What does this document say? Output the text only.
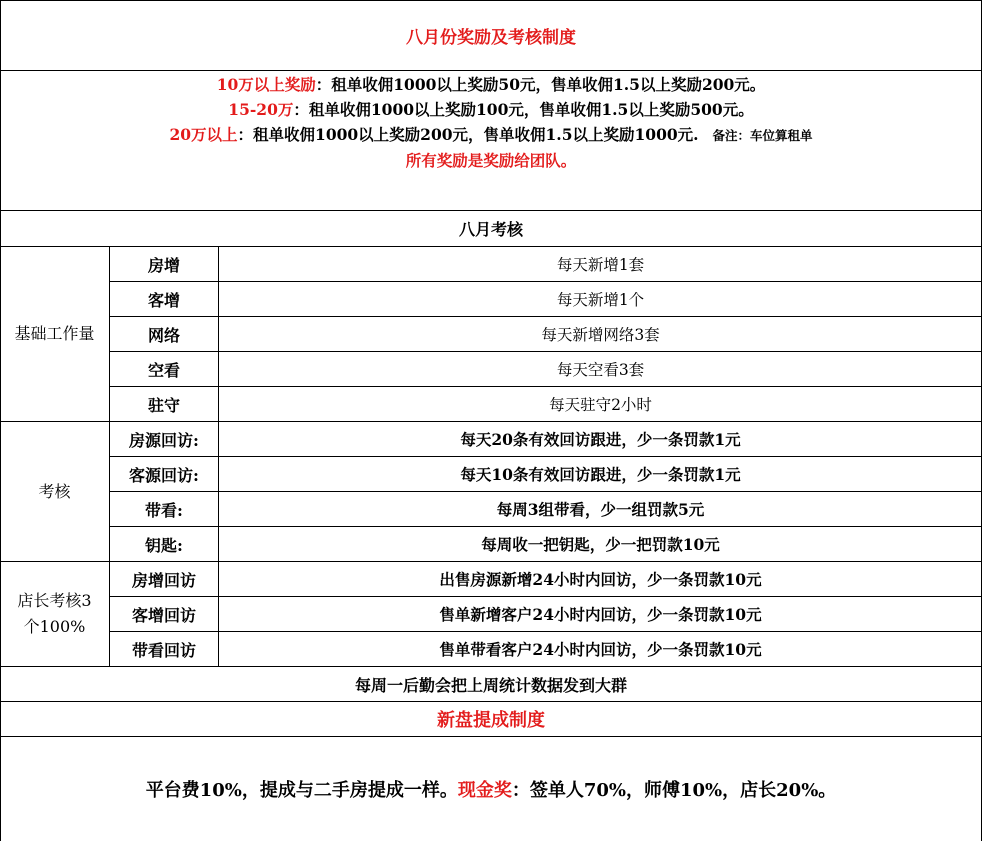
八月份奖励及考核制度
10万以上奖励：租单收佣1000以上奖励50元，售单收佣1.5以上奖励200元。
15-20万：租单收佣1000以上奖励100元，售单收佣1.5以上奖励500元。
20万以上：租单收佣1000以上奖励200元，售单收佣1.5以上奖励1000元. 备注：车位算租单
所有奖励是奖励给团队。
八月考核
基础工作量
房增	每天新增1套
客增	每天新增1个
网络	每天新增网络3套
空看	每天空看3套
驻守	每天驻守2小时
考核
房源回访:	每天20条有效回访跟进，少一条罚款1元
客源回访:	每天10条有效回访跟进，少一条罚款1元
带看:	每周3组带看，少一组罚款5元
钥匙:	每周收一把钥匙，少一把罚款10元
店长考核3
个100%
房增回访	出售房源新增24小时内回访，少一条罚款10元
客增回访	售单新增客户24小时内回访，少一条罚款10元
带看回访	售单带看客户24小时内回访，少一条罚款10元
每周一后勤会把上周统计数据发到大群
新盘提成制度
平台费10%，提成与二手房提成一样。 现金奖 ：签单人70%，师傅10%，店长20%。
